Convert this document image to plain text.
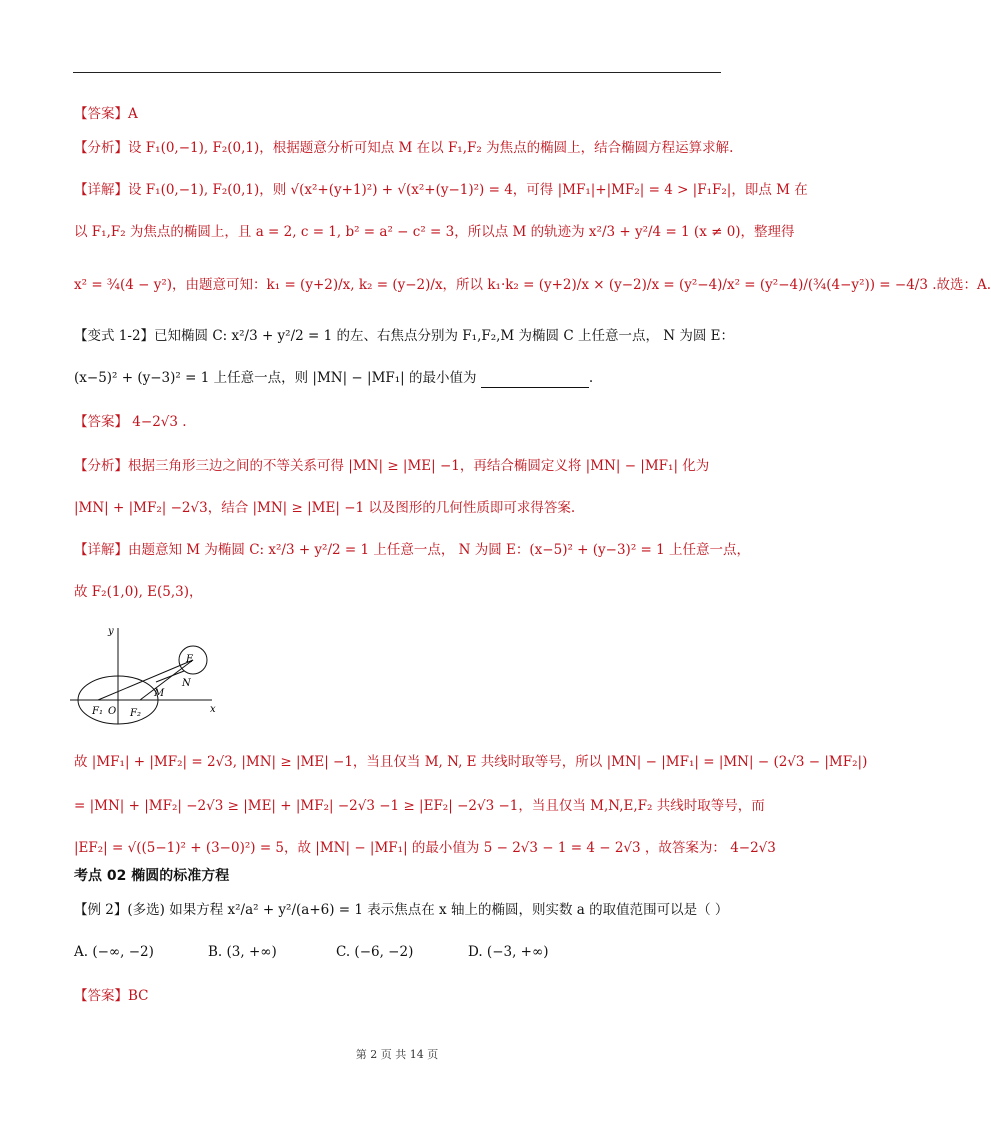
【答案】A
【分析】设 F₁(0,−1), F₂(0,1)，根据题意分析可知点 M 在以 F₁,F₂ 为焦点的椭圆上，结合椭圆方程运算求解.
【详解】设 F₁(0,−1), F₂(0,1)，则 √(x²+(y+1)²) + √(x²+(y−1)²) = 4，可得 |MF₁|+|MF₂| = 4 > |F₁F₂|，即点 M 在
以 F₁,F₂ 为焦点的椭圆上，且 a = 2, c = 1, b² = a² − c² = 3，所以点 M 的轨迹为 x²/3 + y²/4 = 1 (x ≠ 0)，整理得
x² = ¾(4 − y²)，由题意可知：k₁ = (y+2)/x, k₂ = (y−2)/x，所以 k₁·k₂ = (y+2)/x × (y−2)/x = (y²−4)/x² = (y²−4)/(¾(4−y²)) = −4/3 .故选：A.
【变式 1-2】已知椭圆 C: x²/3 + y²/2 = 1 的左、右焦点分别为 F₁,F₂,M 为椭圆 C 上任意一点， N 为圆 E：
(x−5)² + (y−3)² = 1 上任意一点，则 |MN| − |MF₁| 的最小值为	.
【答案】 4−2√3 .
【分析】根据三角形三边之间的不等关系可得 |MN| ≥ |ME| −1，再结合椭圆定义将 |MN| − |MF₁| 化为
|MN| + |MF₂| −2√3，结合 |MN| ≥ |ME| −1 以及图形的几何性质即可求得答案.
【详解】由题意知 M 为椭圆 C: x²/3 + y²/2 = 1 上任意一点， N 为圆 E：(x−5)² + (y−3)² = 1 上任意一点，
故 F₂(1,0), E(5,3)，
y
x
F₁ O F₂
M
N
E
故 |MF₁| + |MF₂| = 2√3, |MN| ≥ |ME| −1，当且仅当 M, N, E 共线时取等号，所以 |MN| − |MF₁| = |MN| − (2√3 − |MF₂|)
= |MN| + |MF₂| −2√3 ≥ |ME| + |MF₂| −2√3 −1 ≥ |EF₂| −2√3 −1，当且仅当 M,N,E,F₂ 共线时取等号，而
|EF₂| = √((5−1)² + (3−0)²) = 5，故 |MN| − |MF₁| 的最小值为 5 − 2√3 − 1 = 4 − 2√3 ，故答案为： 4−2√3
考点 02 椭圆的标准方程
【例 2】(多选) 如果方程 x²/a² + y²/(a+6) = 1 表示焦点在 x 轴上的椭圆，则实数 a 的取值范围可以是（ ）
A. (−∞, −2)	B. (3, +∞)	C. (−6, −2)	D. (−3, +∞)
【答案】BC
第 2 页 共 14 页
